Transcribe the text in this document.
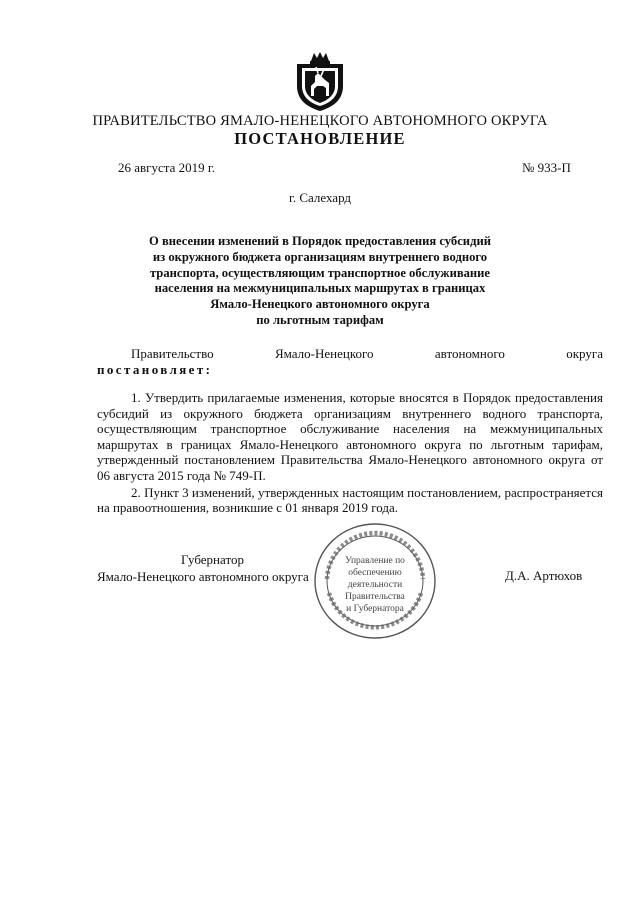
ПРАВИТЕЛЬСТВО ЯМАЛО-НЕНЕЦКОГО АВТОНОМНОГО ОКРУГА
ПОСТАНОВЛЕНИЕ
26 августа 2019 г.	№ 933-П
г. Салехард
О внесении изменений в Порядок предоставления субсидий
из окружного бюджета организациям внутреннего водного
транспорта, осуществляющим транспортное обслуживание
населения на межмуниципальных маршрутах в границах
Ямало-Ненецкого автономного округа
по льготным тарифам
Правительство	Ямало-Ненецкого	автономного	округа
постановляет:

1. Утвердить прилагаемые изменения, которые вносятся в Порядок предоставления субсидий из окружного бюджета организациям внутреннего водного транспорта, осуществляющим транспортное обслуживание населения на межмуниципальных маршрутах в границах Ямало-Ненецкого автономного округа по льготным тарифам, утвержденный постановлением Правительства Ямало-Ненецкого автономного округа от 06 августа 2015 года № 749-П.

2. Пункт 3 изменений, утвержденных настоящим постановлением, распространяется на правоотношения, возникшие с 01 января 2019 года.

Губернатор
Ямало-Ненецкого автономного округа	Д.А. Артюхов
Управление по
обеспечению
деятельности
Правительства
и Губернатора
